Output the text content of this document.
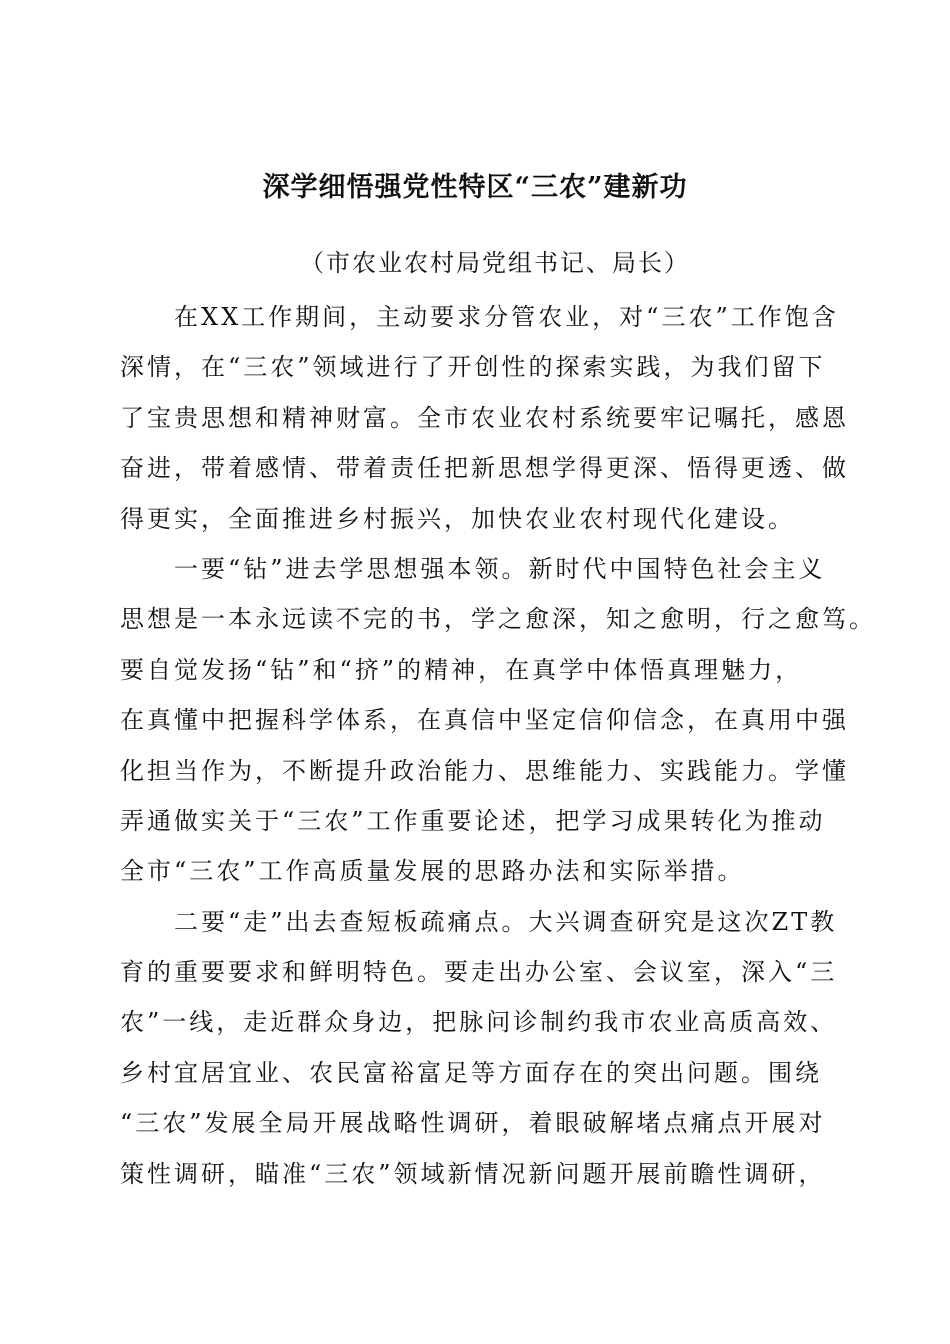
深学细悟强党性特区“三农”建新功
（市农业农村局党组书记、局长）
　　在XX工作期间，主动要求分管农业，对“三农”工作饱含
深情，在“三农”领域进行了开创性的探索实践，为我们留下
了宝贵思想和精神财富。全市农业农村系统要牢记嘱托，感恩
奋进，带着感情、带着责任把新思想学得更深、悟得更透、做
得更实，全面推进乡村振兴，加快农业农村现代化建设。
　　一要“钻”进去学思想强本领。新时代中国特色社会主义
思想是一本永远读不完的书，学之愈深，知之愈明，行之愈笃。
要自觉发扬“钻”和“挤”的精神，在真学中体悟真理魅力，
在真懂中把握科学体系，在真信中坚定信仰信念，在真用中强
化担当作为，不断提升政治能力、思维能力、实践能力。学懂
弄通做实关于“三农”工作重要论述，把学习成果转化为推动
全市“三农”工作高质量发展的思路办法和实际举措。
　　二要“走”出去查短板疏痛点。大兴调查研究是这次ZT教
育的重要要求和鲜明特色。要走出办公室、会议室，深入“三
农”一线，走近群众身边，把脉问诊制约我市农业高质高效、
乡村宜居宜业、农民富裕富足等方面存在的突出问题。围绕
“三农”发展全局开展战略性调研，着眼破解堵点痛点开展对
策性调研，瞄准“三农”领域新情况新问题开展前瞻性调研，
